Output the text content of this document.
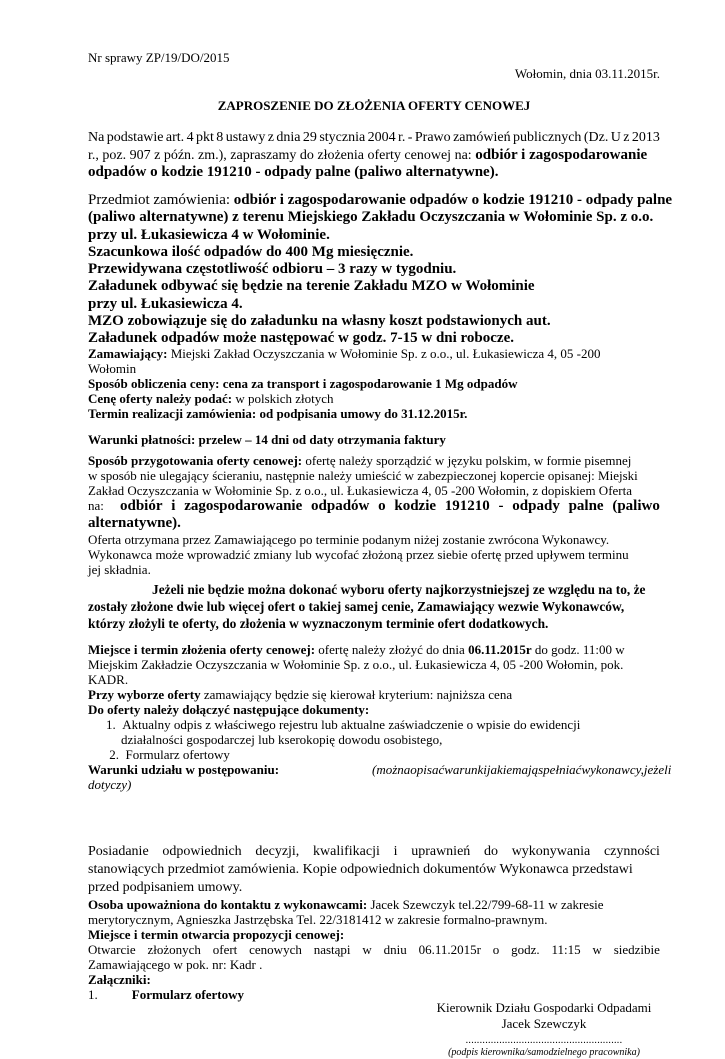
Nr sprawy ZP/19/DO/2015
Wołomin, dnia 03.11.2015r.
ZAPROSZENIE DO ZŁOŻENIA OFERTY CENOWEJ
Na podstawie art. 4 pkt 8 ustawy z dnia 29 stycznia 2004 r. - Prawo zamówień publicznych (Dz. U z 2013
r., poz. 907 z późn. zm.), zapraszamy do złożenia oferty cenowej na: odbiór i zagospodarowanie
odpadów o kodzie 191210 - odpady palne (paliwo alternatywne).
Przedmiot zamówienia: odbiór i zagospodarowanie odpadów o kodzie 191210 - odpady palne
(paliwo alternatywne) z terenu Miejskiego Zakładu Oczyszczania w Wołominie Sp. z o.o.
przy ul. Łukasiewicza 4 w Wołominie.
Szacunkowa ilość odpadów do 400 Mg miesięcznie.
Przewidywana częstotliwość odbioru – 3 razy w tygodniu.
Załadunek odbywać się będzie na terenie Zakładu MZO w Wołominie
przy ul. Łukasiewicza 4.
MZO zobowiązuje się do załadunku na własny koszt podstawionych aut.
Załadunek odpadów może następować w godz. 7-15 w dni robocze.
Zamawiający: Miejski Zakład Oczyszczania w Wołominie Sp. z o.o., ul. Łukasiewicza 4, 05 -200
Wołomin
Sposób obliczenia ceny: cena za transport i zagospodarowanie 1 Mg odpadów
Cenę oferty należy podać: w polskich złotych
Termin realizacji zamówienia: od podpisania umowy do 31.12.2015r.
Warunki płatności: przelew – 14 dni od daty otrzymania faktury
Sposób przygotowania oferty cenowej: ofertę należy sporządzić w języku polskim, w formie pisemnej
w sposób nie ulegający ścieraniu, następnie należy umieścić w zabezpieczonej kopercie opisanej: Miejski
Zakład Oczyszczania w Wołominie Sp. z o.o., ul. Łukasiewicza 4, 05 -200 Wołomin, z dopiskiem Oferta
na: odbiór i zagospodarowanie odpadów o kodzie 191210 - odpady palne (paliwo
alternatywne).
Oferta otrzymana przez Zamawiającego po terminie podanym niżej zostanie zwrócona Wykonawcy.
Wykonawca może wprowadzić zmiany lub wycofać złożoną przez siebie ofertę przed upływem terminu
jej składnia.
Jeżeli nie będzie można dokonać wyboru oferty najkorzystniejszej ze względu na to, że
zostały złożone dwie lub więcej ofert o takiej samej cenie, Zamawiający wezwie Wykonawców,
którzy złożyli te oferty, do złożenia w wyznaczonym terminie ofert dodatkowych.
Miejsce i termin złożenia oferty cenowej: ofertę należy złożyć do dnia 06.11.2015r do godz. 11:00 w
Miejskim Zakładzie Oczyszczania w Wołominie Sp. z o.o., ul. Łukasiewicza 4, 05 -200 Wołomin, pok.
KADR.
Przy wyborze oferty zamawiający będzie się kierował kryterium: najniższa cena
Do oferty należy dołączyć następujące dokumenty:
1. Aktualny odpis z właściwego rejestru lub aktualne zaświadczenie o wpisie do ewidencji
działalności gospodarczej lub kserokopię dowodu osobistego,
2. Formularz ofertowy
Warunki udziału w postępowaniu:	(można opisać warunki jakie mają spełniać wykonawcy, jeżeli
dotyczy)
Posiadanie odpowiednich decyzji, kwalifikacji i uprawnień do wykonywania czynności
stanowiących przedmiot zamówienia. Kopie odpowiednich dokumentów Wykonawca przedstawi
przed podpisaniem umowy.
Osoba upoważniona do kontaktu z wykonawcami: Jacek Szewczyk tel.22/799-68-11 w zakresie
merytorycznym, Agnieszka Jastrzębska Tel. 22/3181412 w zakresie formalno-prawnym.
Miejsce i termin otwarcia propozycji cenowej:
Otwarcie złożonych ofert cenowych nastąpi w dniu 06.11.2015r o godz. 11:15 w siedzibie
Zamawiającego w pok. nr: Kadr .
Załączniki:
1.	Formularz ofertowy
Kierownik Działu Gospodarki Odpadami
Jacek Szewczyk
........................................................
(podpis kierownika/samodzielnego pracownika)
